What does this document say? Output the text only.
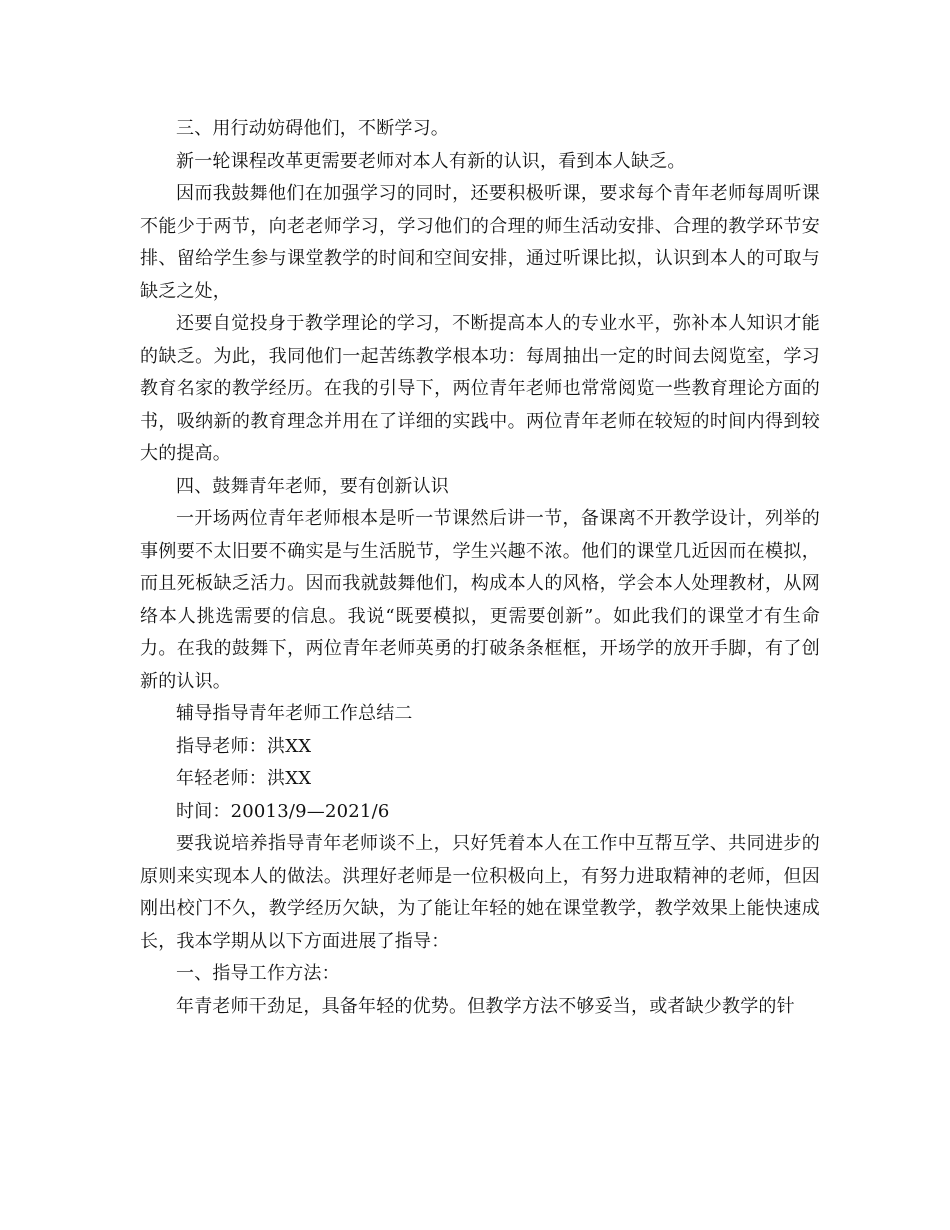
三、用行动妨碍他们，不断学习。

新一轮课程改革更需要老师对本人有新的认识，看到本人缺乏。

因而我鼓舞他们在加强学习的同时，还要积极听课，要求每个青年老师每周听课不能少于两节，向老老师学习，学习他们的合理的师生活动安排、合理的教学环节安排、留给学生参与课堂教学的时间和空间安排，通过听课比拟，认识到本人的可取与缺乏之处，

还要自觉投身于教学理论的学习，不断提高本人的专业水平，弥补本人知识才能的缺乏。为此，我同他们一起苦练教学根本功：每周抽出一定的时间去阅览室，学习教育名家的教学经历。在我的引导下，两位青年老师也常常阅览一些教育理论方面的书，吸纳新的教育理念并用在了详细的实践中。两位青年老师在较短的时间内得到较大的提高。

四、鼓舞青年老师，要有创新认识

一开场两位青年老师根本是听一节课然后讲一节，备课离不开教学设计，列举的事例要不太旧要不确实是与生活脱节，学生兴趣不浓。他们的课堂几近因而在模拟，而且死板缺乏活力。因而我就鼓舞他们，构成本人的风格，学会本人处理教材，从网络本人挑选需要的信息。我说“既要模拟，更需要创新”。如此我们的课堂才有生命力。在我的鼓舞下，两位青年老师英勇的打破条条框框，开场学的放开手脚，有了创新的认识。

辅导指导青年老师工作总结二

指导老师：洪XX

年轻老师：洪XX

时间：20013/9—2021/6

要我说培养指导青年老师谈不上，只好凭着本人在工作中互帮互学、共同进步的原则来实现本人的做法。洪理好老师是一位积极向上，有努力进取精神的老师，但因刚出校门不久，教学经历欠缺，为了能让年轻的她在课堂教学，教学效果上能快速成长，我本学期从以下方面进展了指导：

一、指导工作方法：

年青老师干劲足，具备年轻的优势。但教学方法不够妥当，或者缺少教学的针
